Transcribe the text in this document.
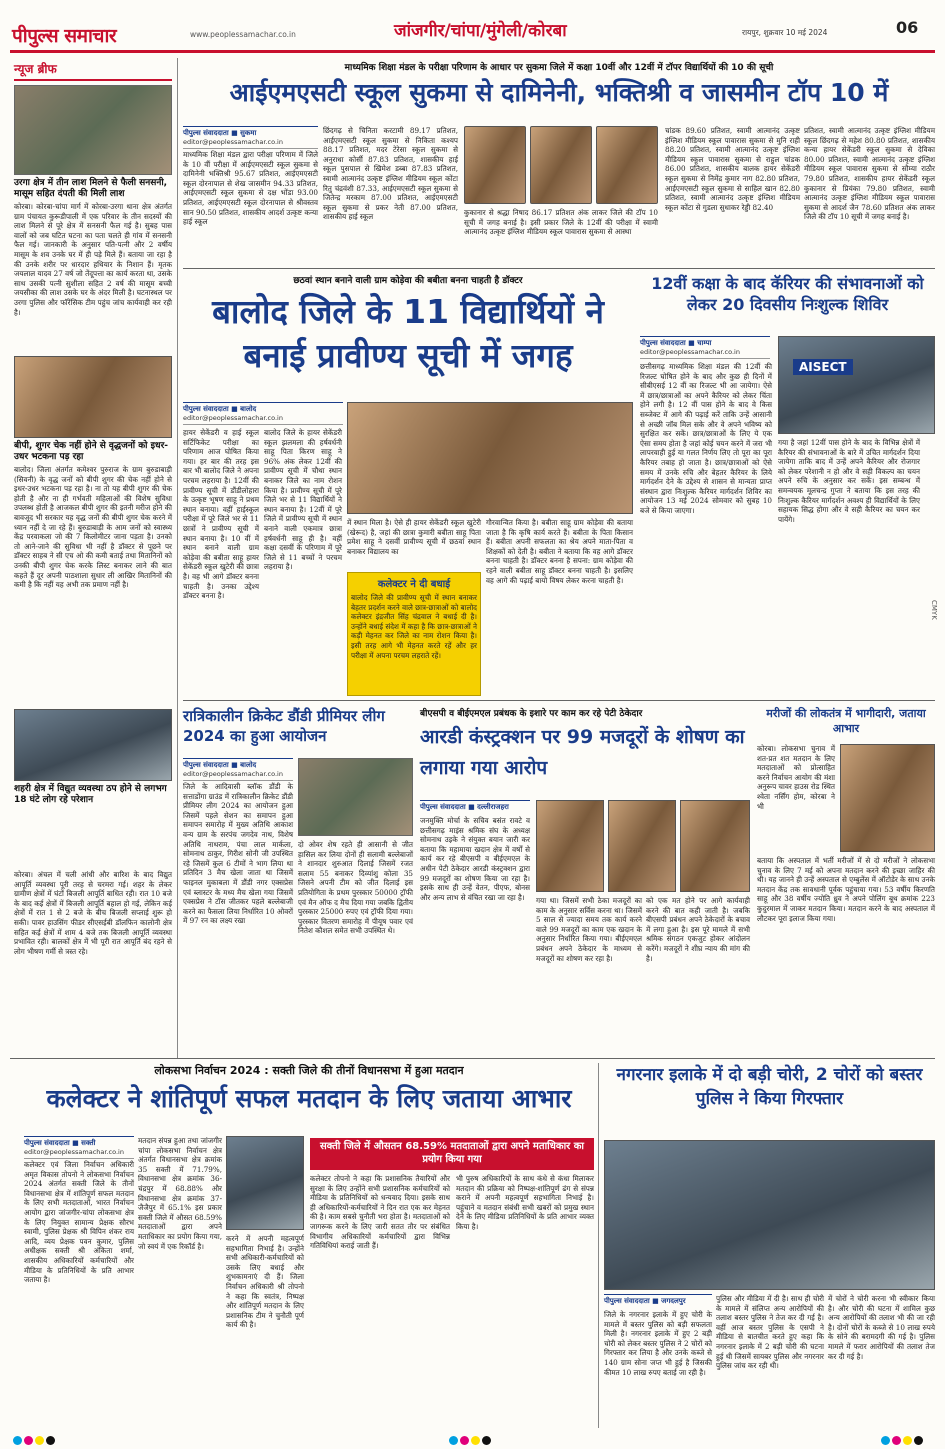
पीपुल्स समाचार	www.peoplessamachar.co.in	जांजगीर/चांपा/मुंगेली/कोरबा	रायपुर, शुक्रवार 10 मई 2024	06
न्यूज ब्रीफ
उरगा क्षेत्र में तीन लाश मिलने से फैली सनसनी, मासूम सहित दंपती की मिली लाश
कोरबा। कोरबा-चांपा मार्ग में कोरबा-उरगा थाना क्षेत्र अंतर्गत ग्राम पंचायत कुरूडीपाली में एक परिवार के तीन सदस्यों की लाश मिलने से पूरे क्षेत्र में सनसनी फैल गई है। सुबह पास वालों को जब घटित घटना का पता चलते ही गांव में सनसनी फैल गई। जानकारी के अनुसार पति-पत्नी और 2 वर्षीय मासूम के शव उनके घर में ही पड़े मिले हैं। बताया जा रहा है की उनके शरीर पर धारदार हथियार के निशान हैं। मृतक जयलाल यादव 27 वर्ष जो तेंदूपत्ता का कार्य करता था, उसके साथ उसकी पत्नी सुशीला सहित 2 वर्ष की मासूम बच्ची जयसीका की लाश उसके घर के अंदर मिली है। घटनास्थल पर उरगा पुलिस और फॉरेंसिक टीम पहुंच जांच कार्यवाही कर रही है।
बीपी, शुगर चेक नहीं होने से वृद्धजनों को इधर-उधर भटकना पड़ रहा
बालोद। जिला अंतर्गत कमेश्वर पुरुराज के ग्राम बुरुडाबाड़ी (सिवनी) के वृद्ध जनों को बीपी शुगर की चेक नहीं होने से इधर-उधर भटकना पड़ रहा है। ना तो यह बीपी शुगर की चेक होती है और ना ही गर्भवती महिलाओं की विशेष सुविधा उपलब्ध होती है आजकल बीपी शुगर की इतनी मरीज होने की बावजूद भी सरकार यह वृद्ध जनों की बीपी शुगर चेक करने में ध्यान नहीं दे जा रहे हैं। बुरुडाबाड़ी के आम जनों को स्वास्थ्य केंद्र परवाकला जो की 7 किलोमीटर जाना पड़ता है। उनको तो आने-जाने की सुविधा भी नहीं है डॉक्टर से पूछने पर डॉक्टर साहब ने सी एच ओ की कमी बताई तथा मितानिनों को उनकी बीपी शुगर चेक करके लिस्ट बनाकर लाने की बात कहते हैं दूर अपनी पाठशाला सुधार ली आखिर मितानिनों की कमी है कि नहीं यह अभी तक प्रमाण नहीं है।
शहरी क्षेत्र में विद्युत व्यवस्था ठप होने से लगभग 18 घंटे लोग रहे परेशान
कोरबा। अंचल में चली आंधी और बारिश के बाद विद्युत आपूर्ति व्यवस्था पूरी तरह से चरमरा गई। शहर के लेकर ग्रामीण क्षेत्रों में घंटों बिजली आपूर्ति बाधित रही। रात 10 बजे के बाद कई क्षेत्रों में बिजली आपूर्ति बहाल हो गई, लेकिन कई क्षेत्रों में रात 1 से 2 बजे के बीच बिजली सप्लाई शुरू हो सकी। पावर हाउसिंग फीडर सीएसईबी डॉलफिन कालोनी क्षेत्र सहित कई क्षेत्रों में शाम 4 बजे तक बिजली आपूर्ति व्यवस्था प्रभावित रही। बालकों क्षेत्र में भी पूरी रात आपूर्ति बंद रहने से लोग भीषण गर्मी से त्रस्त रहे।
माध्यमिक शिक्षा मंडल के परीक्षा परिणाम के आधार पर सुकमा जिले में कक्षा 10वीं और 12वीं में टॉपर विद्यार्थियों की 10 की सूची
आईएमएसटी स्कूल सुकमा से दामिनेनी, भक्तिश्री व जासमीन टॉप 10 में
पीपुल्स संवाददाता ■ सुकमा
editor@peoplessamachar.co.in
माध्यमिक शिक्षा मंडल द्वारा परीक्षा परिणाम में जिले के 10 वीं परीक्षा में आईएमएसटी स्कूल सुकमा से दामिनेनी भक्तिश्री 95.67 प्रतिशत, आईएमएसटी स्कूल दोरनापाल से शेख जासमीन 94.33 प्रतिशत, आईएमएसटी स्कूल सुकमा से दक्ष भोंडा 93.00 प्रतिशत, आईएमएसटी स्कूल दोरनापाल से श्रीवस्तव सान 90.50 प्रतिशत, शासकीय आदर्श उत्कृष्ट कन्या हाई स्कूल
छिंदगढ़ से चिनिता करटामी 89.17 प्रतिशत, आईएमएसटी स्कूल सुकमा से निकिता कश्यप 88.17 प्रतिशत, मदर टेरेसा स्कूल सुकमा से अनुराधा कोर्सी 87.83 प्रतिशत, शासकीय हाई स्कूल पुसपाल से खिमेश डब्बा 87.83 प्रतिशत, स्वामी आत्मानंद उत्कृष्ट इंग्लिश मीडियम स्कूल कोंटा रितु चंद्रवंशी 87.33, आईएमएसटी स्कूल सुकमा से जितेन्द्र मरकाम 87.00 प्रतिशत, आईएमएसटी स्कूल सुकमा से प्रकर नेती 87.00 प्रतिशत, शासकीय हाई स्कूल	कुकानार से श्रद्धा निषाद 86.17 प्रतिशत अंक लाकर जिले की टॉप 10 सूची में जगह बनाई है। इसी प्रकार जिले के 12वीं की परीक्षा में स्वामी आत्मानंद उत्कृष्ट इंग्लिश मीडियम स्कूल पावारास सुकमा से आस्था
चांडक 89.60 प्रतिशत, स्वामी आत्मानंद उत्कृष्ट इंग्लिश मीडियम स्कूल पावारास सुकमा से मुनि राही 88.20 प्रतिशत, स्वामी आत्मानंद उत्कृष्ट इंग्लिश मीडियम स्कूल पावारास सुकमा से राहुल चांडक 86.00 प्रतिशत, शासकीय बालक हायर सेकेंडरी स्कूल सुकमा से निमेंद्र कुमार नाग 82.80 प्रतिशत, आईएमएसटी स्कूल सुकमा से साहिल खान 82.80 प्रतिशत, स्वामी आत्मानंद उत्कृष्ट इंग्लिश मीडियम स्कूल कोंटा से गुडला सुधाकर रेड्डी 82.40
प्रतिशत, स्वामी आत्मानंद उत्कृष्ट इंग्लिश मीडियम स्कूल छिंदगढ़ से महेश 80.80 प्रतिशत, शासकीय कन्या हायर सेकेंडरी स्कूल सुकमा से देविका 80.00 प्रतिशत, स्वामी आत्मानंद उत्कृष्ट इंग्लिश मीडियम स्कूल पावारास सुकमा से सौम्या राठौर 79.80 प्रतिशत, शासकीय हायर सेकेंडरी स्कूल कुकानार से प्रियंका 79.80 प्रतिशत, स्वामी आत्मानंद उत्कृष्ट इंग्लिश मीडियम स्कूल पावारास सुकमा से आदर्श जैन 78.60 प्रतिशत अंक लाकर जिले की टॉप 10 सूची में जगह बनाई है।
छठवां स्थान बनाने वाली ग्राम कोड़ेवा की बबीता बनना चाहती है डॉक्टर
बालोद जिले के 11 विद्यार्थियों ने बनाई प्रावीण्य सूची में जगह
पीपुल्स संवाददाता ■ बालोद
editor@peoplessamachar.co.in
हायर सेकेंडरी व हाई स्कूल सर्टिफिकेट परीक्षा का परिणाम आज घोषित किया गया। हर बार की तरह इस बार भी बालोद जिले ने अपना परचम लहराया है। 12वीं की प्रावीण्य सूची में डौंडीलोहारा के उत्कृष्ट भूषण साहू ने प्रथम स्थान बनाया। वहीं हाईस्कूल परीक्षा में पूरे जिले भर से 11 छात्रों ने प्रावीण्य सूची में स्थान बनाया है। 10 वीं में स्थान बनाने वाली ग्राम कोड़ेवा की बबीता साहू हायर सेकेंडरी स्कूल खुटेरी की छात्रा है। वह भी आगे डॉक्टर बनना चाहती है। उनका उद्देश्य डॉक्टर बनना है।
बालोद जिले के हायर सेकेंडरी स्कूल झलमला की हर्षवर्धनी साहू पिता किरण साहू ने 96% अंक लेकर 12वीं की प्रावीण्य सूची में चौथा स्थान बनाकर जिले का नाम रोशन किया है। प्रावीण्य सूची में पूरे जिले भर से 11 विद्यार्थियों ने स्थान बनाया है। 12वीं में पूरे जिले में प्रावीण्य सूची में स्थान बनाने वाली एकमात्र छात्रा हर्षवर्धनी साहू ही है। वहीं कक्षा दसवीं के परिणाम में पूरे जिले से 11 बच्चों ने परचम लहराया है।
में स्थान मिला है। ऐसे ही हायर सेकेंडरी स्कूल खुटेरी (खेरूद) है, जहां की छात्रा कुमारी बबीता साहू पिता प्रमेश साहू ने दसवीं प्रावीण्य सूची में छठवां स्थान बनाकर विद्यालय का
कलेक्टर ने दी बधाई
बालोद जिले की प्रावीण्य सूची में स्थान बनाकर बेहतर प्रदर्शन करने वाले छात्र-छात्राओं को बालोद कलेक्टर इंद्रजीत सिंह चंद्रवाल ने बधाई दी है। उन्होंने बधाई संदेश में कहा है कि छात्र-छात्राओं ने कड़ी मेहनत कर जिले का नाम रोशन किया है। इसी तरह आगे भी मेहनत करते रहें और हर परीक्षा में अपना परचम लहराते रहें।
गौरवान्वित किया है। बबीता साहू ग्राम कोड़ेवा की बताया जाता है कि कृषि कार्य करते हैं। बबीता के पिता किसान हैं। बबीता अपनी सफलता का श्रेय अपने माता-पिता व शिक्षकों को देती है। बबीता ने बताया कि वह आगे डॉक्टर बनना चाहती है। डॉक्टर बनना है सपना: ग्राम कोड़ेवा की रहने वाली बबीता साहू डॉक्टर बनना चाहती है। इसलिए वह आगे की पढ़ाई बायो विषय लेकर करना चाहती है।
12वीं कक्षा के बाद कॅरियर की संभावनाओं को लेकर 20 दिवसीय निःशुल्क शिविर
पीपुल्स संवाददाता ■ चाम्पा
editor@peoplessamachar.co.in
AISECT
छत्तीसगढ़ माध्यमिक शिक्षा मंडल की 12वीं की रिजल्ट घोषित होने के बाद और कुछ ही दिनों में सीबीएसई 12 वीं का रिजल्ट भी आ जायेगा। ऐसे में छात्र/छात्राओं का अपने कैरियर को लेकर चिंता होने लगी है। 12 वीं पास होने के बाद वे किस सब्जेक्ट में आगे की पढ़ाई करें ताकि उन्हें आसानी से अच्छी जॉब मिल सके और वे अपने भविष्य को सुरक्षित कर सकें। छात्र/छात्राओं के लिए ये एक ऐसा समय होता है जहां कोई चयन करने में जरा भी लापरवाही हुई या गलत निर्णय लिए तो पूरा का पूरा कैरियर तबाह हो जाता है। छात्र/छात्राओं को ऐसे समय में उनके रुचि और बेहतर कैरियर के लिये मार्गदर्शन देने के उद्देश्य से शासन से मान्यता प्राप्त संस्थान द्वारा निःशुल्क कैरियर मार्गदर्शन शिविर का आयोजन 13 मई 2024 सोमवार को सुबह 10 बजे से किया जाएगा।
गया है जहां 12वीं पास होने के बाद के विभिन्न क्षेत्रों में कैरियर की संभावनाओं के बारे में उचित मार्गदर्शन दिया जायेगा ताकि बाद में उन्हें अपने कैरियर और रोजगार को लेकर परेशानी न हो और वे सही विकल्प का चयन अपने रुचि के अनुसार कर सकें। इस सम्बन्ध में समन्वयक मूलचन्द्र गुप्ता ने बताया कि इस तरह की निःशुल्क कैरियर मार्गदर्शन अवश्य ही विद्यार्थियों के लिए सहायक सिद्ध होगा और वे सही कैरियर का चयन कर पायेंगे।
CMYK
रात्रिकालीन क्रिकेट डौंडी प्रीमियर लीग 2024 का हुआ आयोजन
पीपुल्स संवाददाता ■ बालोद
editor@peoplessamachar.co.in
जिले के आदिवासी ब्लॉक डौंडी के सत्ताडोंगा ग्राउंड में रात्रिकालीन क्रिकेट डौंडी प्रीमियर लीग 2024 का आयोजन हुआ जिसमें पहले सेशन का समापन हुआ समापन समारोह में मुख्य अतिथि आकाश वन्य ग्राम के सरपंच जगदेव नाथ, विशेष अतिथि नाथराम, पंचा लाल मार्कला, सोमनाथ ठाकुर, गिरीश सोनी जी उपस्थित रहे जिसमें कुल 6 टीमों ने भाग लिया था प्रतिदिन 3 मैच खेला जाता था जिसमें फाइनल मुकाबला में डौंडी नगर एक्सप्रेस एवं ब्लास्टर के मध्य मैच खेला गया जिसमें एक्सप्रेस ने टॉस जीतकर पहले बल्लेबाजी करने का फैसला लिया निर्धारित 10 ओवरों में 97 रन का लक्ष्य रखा
दो ओवर शेष रहते ही आसानी से जीत हासिल कर लिया दोनों ही सलामी बल्लेबाजों ने शानदार शुरुआत दिलाई जिसमें रजत सलाम 55 बनाकर दिव्यांशु कोला 35 जिसने अपनी टीम को जीत दिलाई इस प्रतियोगिता के प्रथम पुरस्कार 50000 ट्रॉफी एवं मैन ऑफ द मैच दिया गया जबकि द्वितीय पुरस्कार 25000 रुपए एवं ट्रॉफी दिया गया। पुरस्कार वितरण समारोह में पीयूष पवार एवं नितेश कौशल समेत सभी उपस्थित थे।
बीएसपी व बीईएमएल प्रबंधक के इशारे पर काम कर रहे पेटी ठेकेदार
आरडी कंस्ट्रक्शन पर 99 मजदूरों के शोषण का लगाया गया आरोप
पीपुल्स संवाददाता ■ दल्लीराजहरा
जनमुक्ति मोर्चा के सचिव बसंत रावटे व छत्तीसगढ़ माइंस श्रमिक संघ के अध्यक्ष सोमनाथ उइके ने संयुक्त बयान जारी कर बताया कि महामाया खदान क्षेत्र में वर्षों से कार्य कर रहे बीएसपी व बीईएमएल के अधीन पेटी ठेकेदार आरडी कंस्ट्रक्शन द्वारा 99 मजदूरों का शोषण किया जा रहा है। इसके साथ ही उन्हें वेतन, पीएफ, बोनस और अन्य लाभ से वंचित रखा जा रहा है।	गया था। जिसमें सभी ठेका मजदूरों का काम के अनुसार सर्विस करना था। जिसमें 5 साल से ज्यादा समय तक कार्य करने वाले 99 मजदूरों का काम एक खदान के अनुसार निर्धारित किया गया। बीईएमएल प्रबंधन अपने ठेकेदार के माध्यम से मजदूरों का शोषण कर रहा है।
को एक मत होने पर आगे कार्यवाही करने की बात कही जाती है। जबकि बीएसपी प्रबंधन अपने ठेकेदारों के बचाव में लगा हुआ है। इस पूरे मामले में सभी श्रमिक संगठन एकजुट होकर आंदोलन करेंगे। मजदूरों ने शीघ्र न्याय की मांग की है।
मरीजों की लोकतंत्र में भागीदारी, जताया आभार
कोरबा। लोकसभा चुनाव में शत-प्रत शत मतदान के लिए मतदाताओं को प्रोत्साहित करने निर्वाचन आयोग की मंशा अनुरूप चावर हाउस रोड स्थित श्वेता नर्सिंग होम, कोरबा ने भी
बताया कि अस्पताल में भर्ती मरीजों में से दो मरीजों ने लोकसभा चुनाव के लिए 7 मई को अपना मतदान करने की इच्छा जाहिर की थी। यह जानने ही उन्हें अस्पताल से एम्बुलेंस में ऑटोडेर के साथ उनके मतदान केंद्र तक सावधानी पूर्वक पहुंचाया गया। 53 वर्षीय किरणति साहू और 38 वर्षीय ज्योति ध्रुव ने अपने पोलिंग बूथ क्रमांक 223 कुदुरमाल में जाकर मतदान किया। मतदान करने के बाद अस्पताल में लौटकर पूरा इलाज किया गया।
लोकसभा निर्वाचन 2024 : सक्ती जिले की तीनों विधानसभा में हुआ मतदान
कलेक्टर ने शांतिपूर्ण सफल मतदान के लिए जताया आभार
पीपुल्स संवाददाता ■ सक्ती
editor@peoplessamachar.co.in
कलेक्टर एवं जिला निर्वाचन अधिकारी अमृत विकास तोपनो ने लोकसभा निर्वाचन 2024 अंतर्गत सक्ती जिले के तीनों विधानसभा क्षेत्र में शांतिपूर्ण सफल मतदान के लिए सभी मतदाताओं, भारत निर्वाचन आयोग द्वारा जांजगीर-चांपा लोकसभा क्षेत्र के लिए नियुक्त सामान्य प्रेक्षक सौरभ स्वामी, पुलिस प्रेक्षक श्री विपिन शंकर राय आदि, व्यय प्रेक्षक पवन कुमार, पुलिस अधीक्षक सक्ती श्री अंकिता शर्मा, शासकीय अधिकारियों कर्मचारियों और मीडिया के प्रतिनिधियों के प्रति आभार जताया है।
मतदान संपन्न हुआ तथा जांजगीर चांपा लोकसभा निर्वाचन क्षेत्र अंतर्गत विधानसभा क्षेत्र क्रमांक 35 सक्ती में 71.79%, विधानसभा क्षेत्र क्रमांक 36-चंद्रपुर में 68.88% और विधानसभा क्षेत्र क्रमांक 37-जैजैपुर में 65.1% इस प्रकार सक्ती जिले में औसत 68.59% मतदाताओं द्वारा अपने मताधिकार का प्रयोग किया गया, जो स्वयं में एक रिकॉर्ड है।
करने में अपनी महत्वपूर्ण सहभागिता निभाई है। उन्होंने सभी अधिकारी-कर्मचारियों को उसके लिए बधाई और शुभकामनाएं दी हैं। जिला निर्वाचन अधिकारी श्री तोपनो ने कहा कि स्वतंत्र, निष्पक्ष और शांतिपूर्ण मतदान के लिए प्रशासनिक टीम ने चुनौती पूर्ण कार्य की है।
सक्ती जिले में औसतन 68.59% मतदाताओं द्वारा अपने मताधिकार का प्रयोग किया गया
कलेक्टर तोपनो ने कहा कि प्रशासनिक तैयारियों और सुरक्षा के लिए उन्होंने सभी प्रशासनिक कर्मचारियों को मीडिया के प्रतिनिधियों को धन्यवाद दिया। इसके साथ ही अधिकारियों-कर्मचारियों ने दिन रात एक कर मेहनत की है। काम सबसे चुनौती भरा होता है। मतदाताओं को जागरूक करने के लिए जारी सतत तौर पर संबंधित विभागीय अधिकारियों कर्मचारियों द्वारा विभिन्न गतिविधियां कराई जाती हैं।
भी पुरुष अधिकारियों के साथ कंधे से कंधा मिलाकर मतदान की प्रक्रिया को निष्पक्ष-शांतिपूर्ण ढंग से संपन्न कराने में अपनी महत्वपूर्ण सहभागिता निभाई है। पहुंचाने व मतदान संबंधी सभी खबरों को प्रमुख स्थान देने के लिए मीडिया प्रतिनिधियों के प्रति आभार व्यक्त किया है।
नगरनार इलाके में दो बड़ी चोरी, 2 चोरों को बस्तर पुलिस ने किया गिरफ्तार
पीपुल्स संवाददाता ■ जगदलपुर
जिले के नगरनार इलाके में हुए चोरी के मामले में बस्तर पुलिस को बड़ी सफलता मिली है। नगरनार इलाके में हुए 2 बड़ी चोरी को लेकर बस्तर पुलिस ने 2 चोरों को गिरफ्तार कर लिया है और उनके कब्जे से 140 ग्राम सोना जप्त भी हुई है जिसकी कीमत 10 लाख रुपए बताई जा रही है।
पुलिस और मीडिया में दी है। साथ ही चोरी के मामले में संलिप्त अन्य आरोपियों की तलाश बस्तर पुलिस ने तेज कर दी गई है। वहीं आज बस्तर पुलिस के एसपी ने मीडिया से बातचीत करते हुए कहा कि नगरनार इलाके में 2 बड़ी चोरी की घटना हुई थी जिसमें सायबर पुलिस और नगरनार पुलिस जांच कर रही थी।
में चोरों ने चोरी करना भी स्वीकार किया है। और चोरी की घटना में शामिल कुछ अन्य आरोपियों की तलाश भी की जा रही है। दोनों चोरों के कब्जे से 10 लाख रुपये के सोने की बरामदगी की गई है। पुलिस मामले में फरार आरोपियों की तलाश तेज कर दी गई है।
